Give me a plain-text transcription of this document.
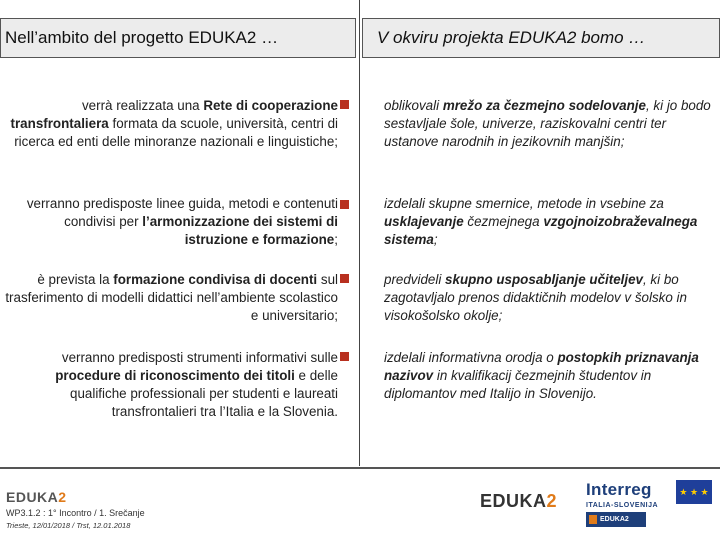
Nell’ambito del progetto EDUKA2 …	V okviru projekta EDUKA2 bomo …
verrà realizzata una Rete di cooperazione transfrontaliera formata da scuole, università, centri di ricerca ed enti delle minoranze nazionali e linguistiche;
oblikovali mrežo za čezmejno sodelovanje, ki jo bodo sestavljale šole, univerze, raziskovalni centri ter ustanove narodnih in jezikovnih manjšin;
verranno predisposte linee guida, metodi e contenuti condivisi per l’armonizzazione dei sistemi di istruzione e formazione;
izdelali skupne smernice, metode in vsebine za usklajevanje čezmejnega vzgojnoizobraževalnega sistema;
è prevista la formazione condivisa di docenti sul trasferimento di modelli didattici nell’ambiente scolastico e universitario;
predvideli skupno usposabljanje učiteljev, ki bo zagotavljalo prenos didaktičnih modelov v šolsko in visokošolsko okolje;
verranno predisposti strumenti informativi sulle procedure di riconoscimento dei titoli e delle qualifiche professionali per studenti e laureati transfrontalieri tra l’Italia e la Slovenia.
izdelali informativna orodja o postopkih priznavanja nazivov in kvalifikacij čezmejnih študentov in diplomantov med Italijo in Slovenijo.
EDUKA2
WP3.1.2 : 1° Incontro / 1. Srečanje
Trieste, 12/01/2018 / Trst, 12.01.2018
EDUKA2
Interreg	★ ★ ★
ITALIA-SLOVENIJA
EDUKA2
